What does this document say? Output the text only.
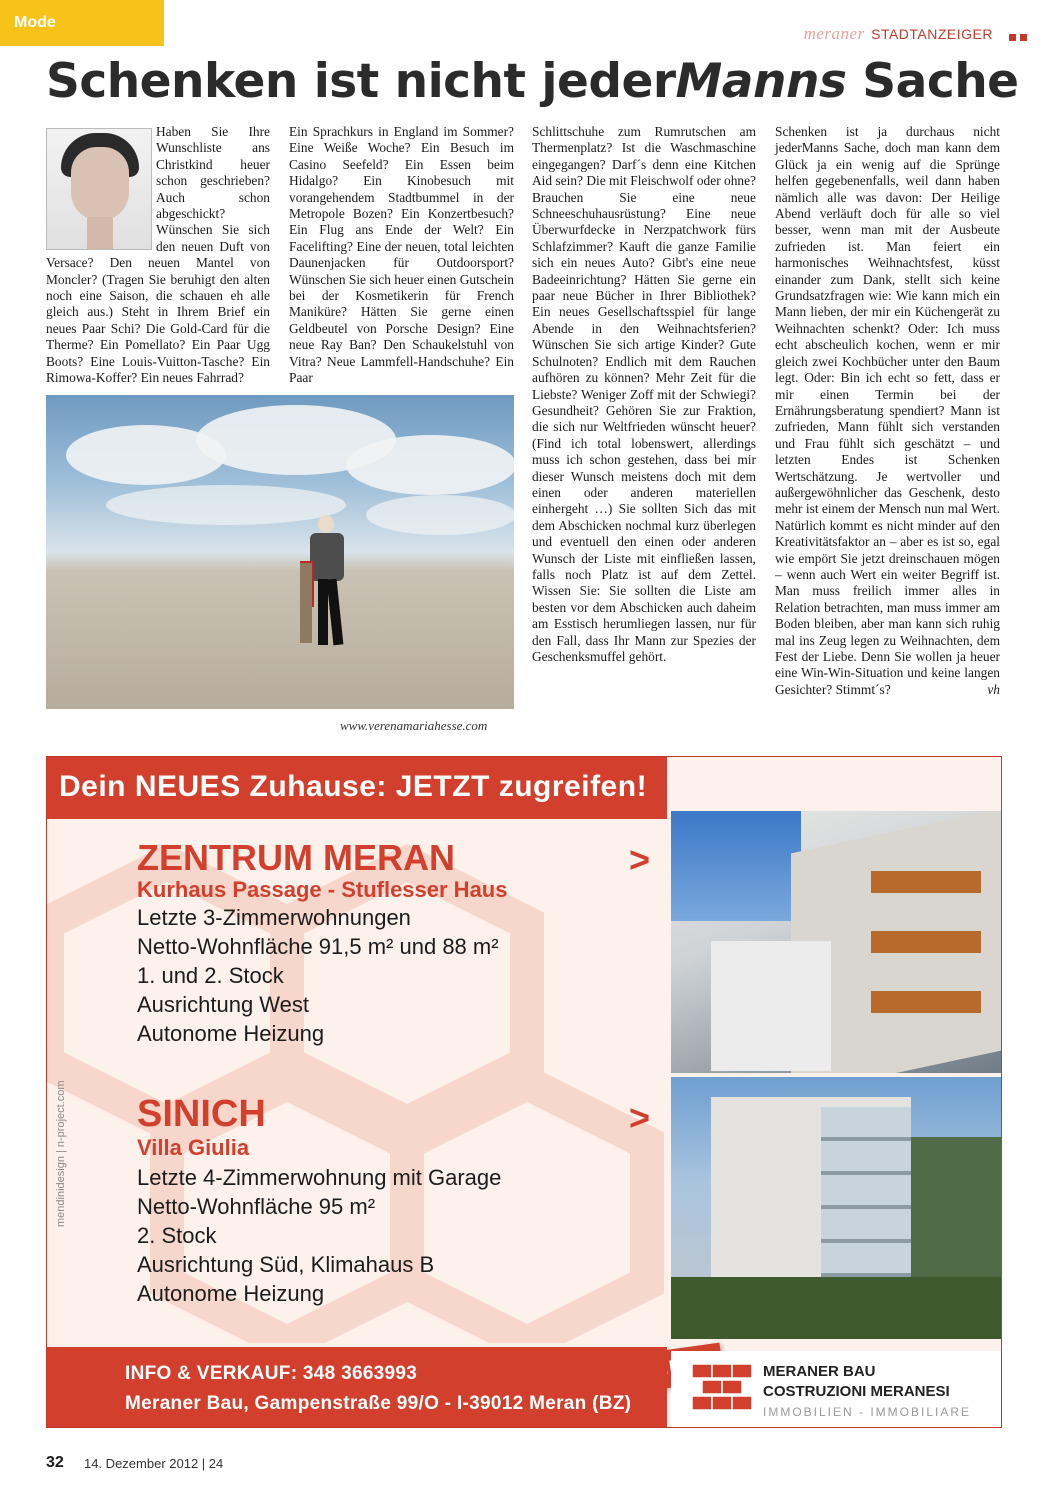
Mode
meraner STADTANZEIGER
Schenken ist nicht jederManns Sache

Haben Sie Ihre Wunschliste ans Christkind heuer schon geschrieben? Auch schon abgeschickt? Wünschen Sie sich den neuen Duft von Versace? Den neuen Mantel von Moncler? (Tragen Sie beruhigt den alten noch eine Saison, die schauen eh alle gleich aus.) Steht in Ihrem Brief ein neues Paar Schi? Die Gold-Card für die Therme? Ein Pomellato? Ein Paar Ugg Boots? Eine Louis-Vuitton-Tasche? Ein Rimowa-Koffer? Ein neues Fahrrad?

Ein Sprachkurs in England im Sommer? Eine Weiße Woche? Ein Besuch im Casino Seefeld? Ein Essen beim Hidalgo? Ein Kinobesuch mit vorangehendem Stadtbummel in der Metropole Bozen? Ein Konzertbesuch? Ein Flug ans Ende der Welt? Ein Facelifting? Eine der neuen, total leichten Daunenjacken für Outdoorsport? Wünschen Sie sich heuer einen Gutschein bei der Kosmetikerin für French Maniküre? Hätten Sie gerne einen Geldbeutel von Porsche Design? Eine neue Ray Ban? Den Schaukelstuhl von Vitra? Neue Lammfell-Handschuhe? Ein Paar

www.verenamariahesse.com

Schlittschuhe zum Rumrutschen am Thermenplatz? Ist die Waschmaschine eingegangen? Darf´s denn eine Kitchen Aid sein? Die mit Fleischwolf oder ohne? Brauchen Sie eine neue Schneeschuhausrüstung? Eine neue Überwurfdecke in Nerzpatchwork fürs Schlafzimmer? Kauft die ganze Familie sich ein neues Auto? Gibt's eine neue Badeeinrichtung? Hätten Sie gerne ein paar neue Bücher in Ihrer Bibliothek? Ein neues Gesellschaftsspiel für lange Abende in den Weihnachtsferien? Wünschen Sie sich artige Kinder? Gute Schulnoten? Endlich mit dem Rauchen aufhören zu können? Mehr Zeit für die Liebste? Weniger Zoff mit der Schwiegi? Gesundheit? Gehören Sie zur Fraktion, die sich nur Weltfrieden wünscht heuer? (Find ich total lobenswert, allerdings muss ich schon gestehen, dass bei mir dieser Wunsch meistens doch mit dem einen oder anderen materiellen einhergeht …) Sie sollten Sich das mit dem Abschicken nochmal kurz überlegen und eventuell den einen oder anderen Wunsch der Liste mit einfließen lassen, falls noch Platz ist auf dem Zettel. Wissen Sie: Sie sollten die Liste am besten vor dem Abschicken auch daheim am Esstisch herumliegen lassen, nur für den Fall, dass Ihr Mann zur Spezies der Geschenksmuffel gehört.

Schenken ist ja durchaus nicht jederManns Sache, doch man kann dem Glück ja ein wenig auf die Sprünge helfen gegebenenfalls, weil dann haben nämlich alle was davon: Der Heilige Abend verläuft doch für alle so viel besser, wenn man mit der Ausbeute zufrieden ist. Man feiert ein harmonisches Weihnachtsfest, küsst einander zum Dank, stellt sich keine Grundsatzfragen wie: Wie kann mich ein Mann lieben, der mir ein Küchengerät zu Weihnachten schenkt? Oder: Ich muss echt abscheulich kochen, wenn er mir gleich zwei Kochbücher unter den Baum legt. Oder: Bin ich echt so fett, dass er mir einen Termin bei der Ernährungsberatung spendiert? Mann ist zufrieden, Mann fühlt sich verstanden und Frau fühlt sich geschätzt – und letzten Endes ist Schenken Wertschätzung. Je wertvoller und außergewöhnlicher das Geschenk, desto mehr ist einem der Mensch nun mal Wert. Natürlich kommt es nicht minder auf den Kreativitätsfaktor an – aber es ist so, egal wie empört Sie jetzt dreinschauen mögen – wenn auch Wert ein weiter Begriff ist. Man muss freilich immer alles in Relation betrachten, man muss immer am Boden bleiben, aber man kann sich ruhig mal ins Zeug legen zu Weihnachten, dem Fest der Liebe. Denn Sie wollen ja heuer eine Win-Win-Situation und keine langen Gesichter? Stimmt´s?	vh

Dein NEUES Zuhause: JETZT zugreifen!
ZENTRUM MERAN	>
Kurhaus Passage - Stuflesser Haus
Letzte 3-Zimmerwohnungen
Netto-Wohnfläche 91,5 m² und 88 m²
1. und 2. Stock
Ausrichtung West
Autonome Heizung
SINICH	>
Villa Giulia
Letzte 4-Zimmerwohnung mit Garage
Netto-Wohnfläche 95 m²
2. Stock
Ausrichtung Süd, Klimahaus B
Autonome Heizung
INFO & VERKAUF: 348 3663993
Meraner Bau, Gampenstraße 99/O - I-39012 Meran (BZ)
MERANER BAU
COSTRUZIONI MERANESI
IMMOBILIEN - IMMOBILIARE
mendinidesign | n-project.com
32 14. Dezember 2012 | 24
